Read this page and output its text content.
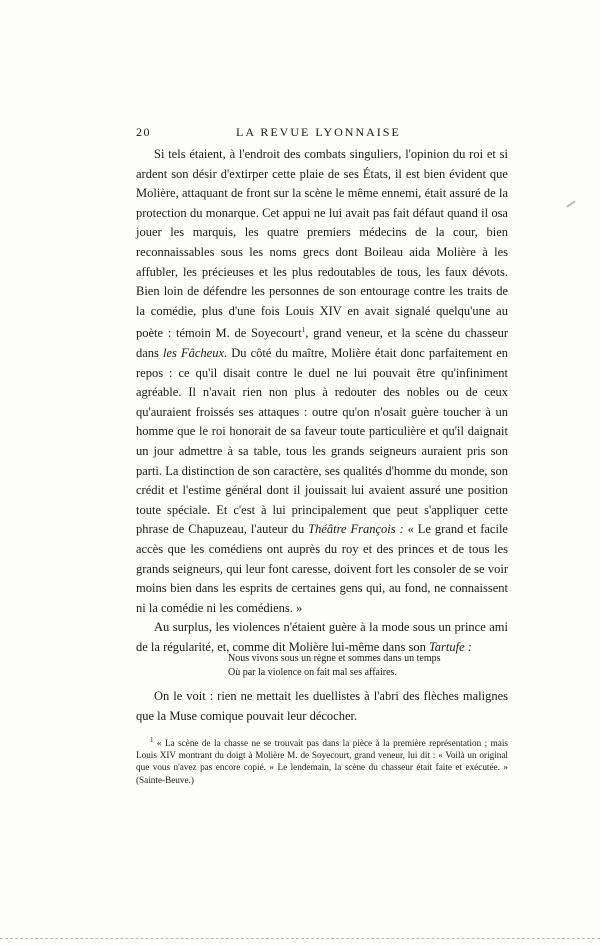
20	LA REVUE LYONNAISE

Si tels étaient, à l'endroit des combats singuliers, l'opinion du roi et si ardent son désir d'extirper cette plaie de ses États, il est bien évident que Molière, attaquant de front sur la scène le même ennemi, était assuré de la protection du monarque. Cet appui ne lui avait pas fait défaut quand il osa jouer les marquis, les quatre premiers médecins de la cour, bien reconnaissables sous les noms grecs dont Boileau aida Molière à les affubler, les précieuses et les plus redoutables de tous, les faux dévots. Bien loin de défendre les personnes de son entourage contre les traits de la comédie, plus d'une fois Louis XIV en avait signalé quelqu'une au poète : témoin M. de Soyecourt$^1$, grand veneur, et la scène du chasseur dans les Fâcheux. Du côté du maître, Molière était donc parfaitement en repos : ce qu'il disait contre le duel ne lui pouvait être qu'infiniment agréable. Il n'avait rien non plus à redouter des nobles ou de ceux qu'auraient froissés ses attaques : outre qu'on n'osait guère toucher à un homme que le roi honorait de sa faveur toute particulière et qu'il daignait un jour admettre à sa table, tous les grands seigneurs auraient pris son parti. La distinction de son caractère, ses qualités d'homme du monde, son crédit et l'estime général dont il jouissait lui avaient assuré une position toute spéciale. Et c'est à lui principalement que peut s'appliquer cette phrase de Chapuzeau, l'auteur du Théâtre François : « Le grand et facile accès que les comédiens ont auprès du roy et des princes et de tous les grands seigneurs, qui leur font caresse, doivent fort les consoler de se voir moins bien dans les esprits de certaines gens qui, au fond, ne connaissent ni la comédie ni les comédiens. »

Au surplus, les violences n'étaient guère à la mode sous un prince ami de la régularité, et, comme dit Molière lui-même dans son Tartufe :

Nous vivons sous un règne et sommes dans un temps
Où par la violence on fait mal ses affaires.
On le voit : rien ne mettait les duellistes à l'abri des flèches malignes que la Muse comique pouvait leur décocher.
$^1$ « La scène de la chasse ne se trouvait pas dans la pièce à la première représentation ; mais Louis XIV montrant du doigt à Molière M. de Soyecourt, grand veneur, lui dit : « Voilà un original que vous n'avez pas encore copié. » Le lendemain, la scène du chasseur était faite et exécutée. » (Sainte-Beuve.)
